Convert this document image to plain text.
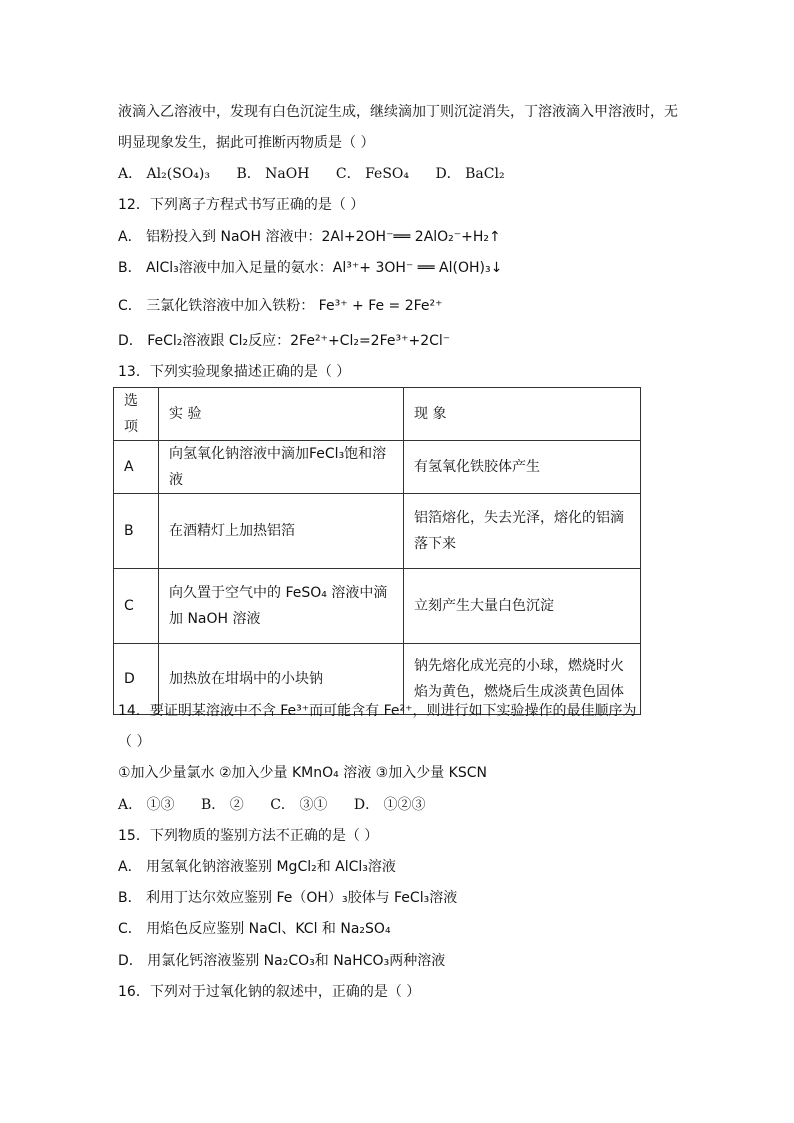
液滴入乙溶液中，发现有白色沉淀生成，继续滴加丁则沉淀消失，丁溶液滴入甲溶液时，无
明显现象发生，据此可推断丙物质是（ ）
A． Al₂(SO₄)₃ B． NaOH C． FeSO₄ D． BaCl₂
12．下列离子方程式书写正确的是（ ）
A． 铝粉投入到 NaOH 溶液中：2Al+2OH⁻══ 2AlO₂⁻+H₂↑
B． AlCl₃溶液中加入足量的氨水：Al³⁺+ 3OH⁻ ══ Al(OH)₃↓
C． 三氯化铁溶液中加入铁粉： Fe³⁺ + Fe = 2Fe²⁺
D． FeCl₂溶液跟 Cl₂反应：2Fe²⁺+Cl₂=2Fe³⁺+2Cl⁻
13．下列实验现象描述正确的是（ ）
选项	实 验	现 象
A	向氢氧化钠溶液中滴加FeCl₃饱和溶液	有氢氧化铁胶体产生
B	在酒精灯上加热铝箔	铝箔熔化，失去光泽，熔化的铝滴落下来
C	向久置于空气中的 FeSO₄ 溶液中滴加 NaOH 溶液	立刻产生大量白色沉淀
D	加热放在坩埚中的小块钠	钠先熔化成光亮的小球，燃烧时火焰为黄色，燃烧后生成淡黄色固体
14．要证明某溶液中不含 Fe³⁺而可能含有 Fe²⁺，则进行如下实验操作的最佳顺序为
（ ）
①加入少量氯水 ②加入少量 KMnO₄ 溶液 ③加入少量 KSCN
A． ①③ B． ② C． ③① D． ①②③
15．下列物质的鉴别方法不正确的是（ ）
A． 用氢氧化钠溶液鉴别 MgCl₂和 AlCl₃溶液
B． 利用丁达尔效应鉴别 Fe（OH）₃胶体与 FeCl₃溶液
C． 用焰色反应鉴别 NaCl、KCl 和 Na₂SO₄
D． 用氯化钙溶液鉴别 Na₂CO₃和 NaHCO₃两种溶液
16．下列对于过氧化钠的叙述中，正确的是（ ）
